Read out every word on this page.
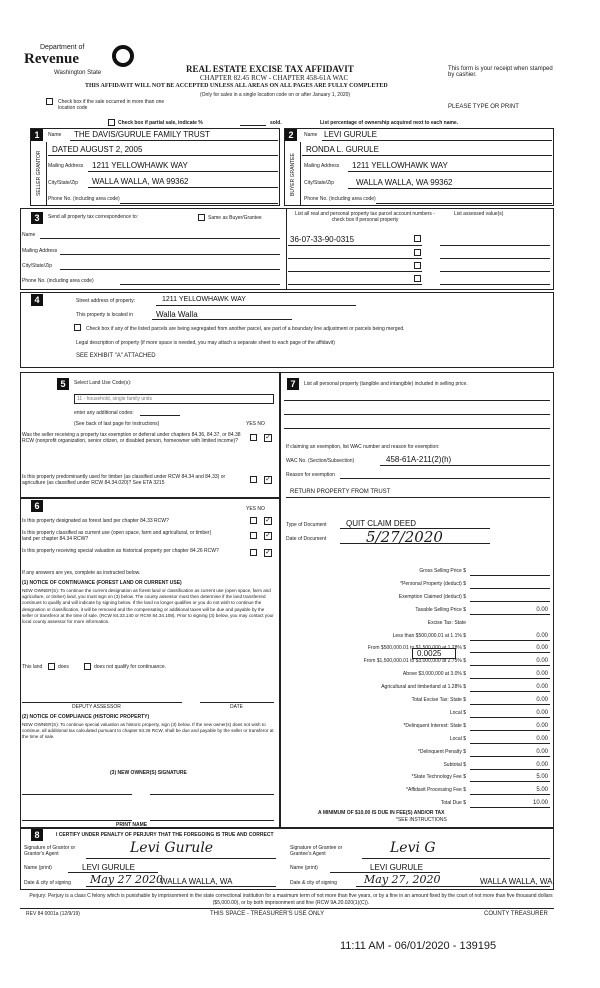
Department of
Revenue
Washington State	REAL ESTATE EXCISE TAX AFFIDAVIT
CHAPTER 82.45 RCW - CHAPTER 458-61A WAC
THIS AFFIDAVIT WILL NOT BE ACCEPTED UNLESS ALL AREAS ON ALL PAGES ARE FULLY COMPLETED
(Only for sales in a single location code on or after January 1, 2020)
This form is your receipt when stamped by cashier.
PLEASE TYPE OR PRINT
Check box if the sale occurred in more than one location code
Check box if partial sale, indicate %	sold.	List percentage of ownership acquired next to each name.
1
SELLER GRANTOR
Name THE DAVIS/GURULE FAMILY TRUST
DATED AUGUST 2, 2005
Mailing Address 1211 YELLOWHAWK WAY
City/State/Zip WALLA WALLA, WA 99362
Phone No. (including area code)
2
BUYER GRANTEE
Name LEVI GURULE
RONDA L. GURULE
Mailing Address 1211 YELLOWHAWK WAY
City/State/Zip	WALLA WALLA, WA 99362
Phone No. (including area code)
3	Send all property tax correspondence to:	Same as Buyer/Grantee
Name
Mailing Address
City/State/Zip
Phone No. (including area code)
List all real and personal property tax parcel account numbers - check box if personal property
List assessed value(s)
36-07-33-90-0315
4	Street address of property:	1211 YELLOWHAWK WAY
This property is located in	Walla Walla
Check box if any of the listed parcels are being segregated from another parcel, are part of a boundary line adjustment or parcels being merged.
Legal description of property (if more space is needed, you may attach a separate sheet to each page of the affidavit)
SEE EXHIBIT "A" ATTACHED
5	Select Land Use Code(s):
11 - household, single family units
enter any additional codes:
(See back of last page for instructions)	YES NO
Was the seller receiving a property tax exemption or deferral under chapters 84.36, 84.37, or 84.38 RCW (nonprofit organization, senior citizen, or disabled person, homeowner with limited income)?	✓
Is this property predominantly used for timber (as classified under RCW 84.34 and 84.33) or agriculture (as classified under RCW 84.34.020)? See ETA 3215	✓
6	YES NO
Is this property designated as forest land per chapter 84.33 RCW?	✓
Is this property classified as current use (open space, farm and agricultural, or timber) land per chapter 84.34 RCW?	✓
Is this property receiving special valuation as historical property per chapter 84.26 RCW?	✓
If any answers are yes, complete as instructed below.
(1) NOTICE OF CONTINUANCE (FOREST LAND OR CURRENT USE)
NEW OWNER(S): To continue the current designation as forest land or classification as current use (open space, farm and agriculture, or timber) land, you must sign on (3) below. The county assessor must then determine if the land transferred continues to qualify and will indicate by signing below. If the land no longer qualifies or you do not wish to continue the designation or classification, it will be removed and the compensating or additional taxes will be due and payable by the seller or transferor at the time of sale. (RCW 84.33.140 or RCW 84.34.108). Prior to signing (3) below, you may contact your local county assessor for more information.
This land	does	does not qualify for continuance.
DEPUTY ASSESSOR	DATE
(2) NOTICE OF COMPLIANCE (HISTORIC PROPERTY)
NEW OWNER(S): To continue special valuation as historic property, sign (3) below. If the new owner(s) does not wish to continue, all additional tax calculated pursuant to chapter 84.26 RCW, shall be due and payable by the seller or transferor at the time of sale.
(3) NEW OWNER(S) SIGNATURE
PRINT NAME
7	List all personal property (tangible and intangible) included in selling price.
If claiming an exemption, list WAC number and reason for exemption:
WAC No. (Section/Subsection)	458-61A-211(2)(h)
Reason for exemption
RETURN PROPERTY FROM TRUST
Type of Document QUIT CLAIM DEED
Date of Document	5/27/2020
Gross Selling Price $
*Personal Property (deduct) $
Exemption Claimed (deduct) $
Taxable Selling Price $	0.00
Excise Tax: State
Less than $500,000.01 at 1.1% $	0.00
From $500,000.01 to $1,500,000 at 1.28% $	0.00
From $1,500,000.01 to $3,000,000 at 2.75% $	0.00
Above $3,000,000 at 3.0% $	0.00
Agricultural and timberland at 1.28% $	0.00
Total Excise Tax: State $	0.00
Local $	0.00
*Delinquent Interest: State $	0.00
Local $	0.00
*Delinquent Penalty $	0.00
Subtotal $	0.00
*State Technology Fee $	5.00
*Affidavit Processing Fee $	5.00
Total Due $	10.00
0.0025
A MINIMUM OF $10.00 IS DUE IN FEE(S) AND/OR TAX
*SEE INSTRUCTIONS
8	I CERTIFY UNDER PENALTY OF PERJURY THAT THE FOREGOING IS TRUE AND CORRECT
Signature of Grantor or Grantor's Agent	Levi Gurule	Signature of Grantee or Grantee's Agent	Levi G
Name (print)	LEVI GURULE	Name (print)	LEVI GURULE
Date & city of signing May 27 2020
WALLA WALLA, WA	Date & city of signing May 27, 2020	WALLA WALLA, WA
Perjury: Perjury is a class C felony which is punishable by imprisonment in the state correctional institution for a maximum term of not more than five years, or by a fine in an amount fixed by the court of not more than five thousand dollars ($5,000.00), or by both imprisonment and fine (RCW 9A.20.020(1)(C)).
REV 84 0001a (12/9/19)	THIS SPACE - TREASURER'S USE ONLY	COUNTY TREASURER
11:11 AM - 06/01/2020 - 139195
